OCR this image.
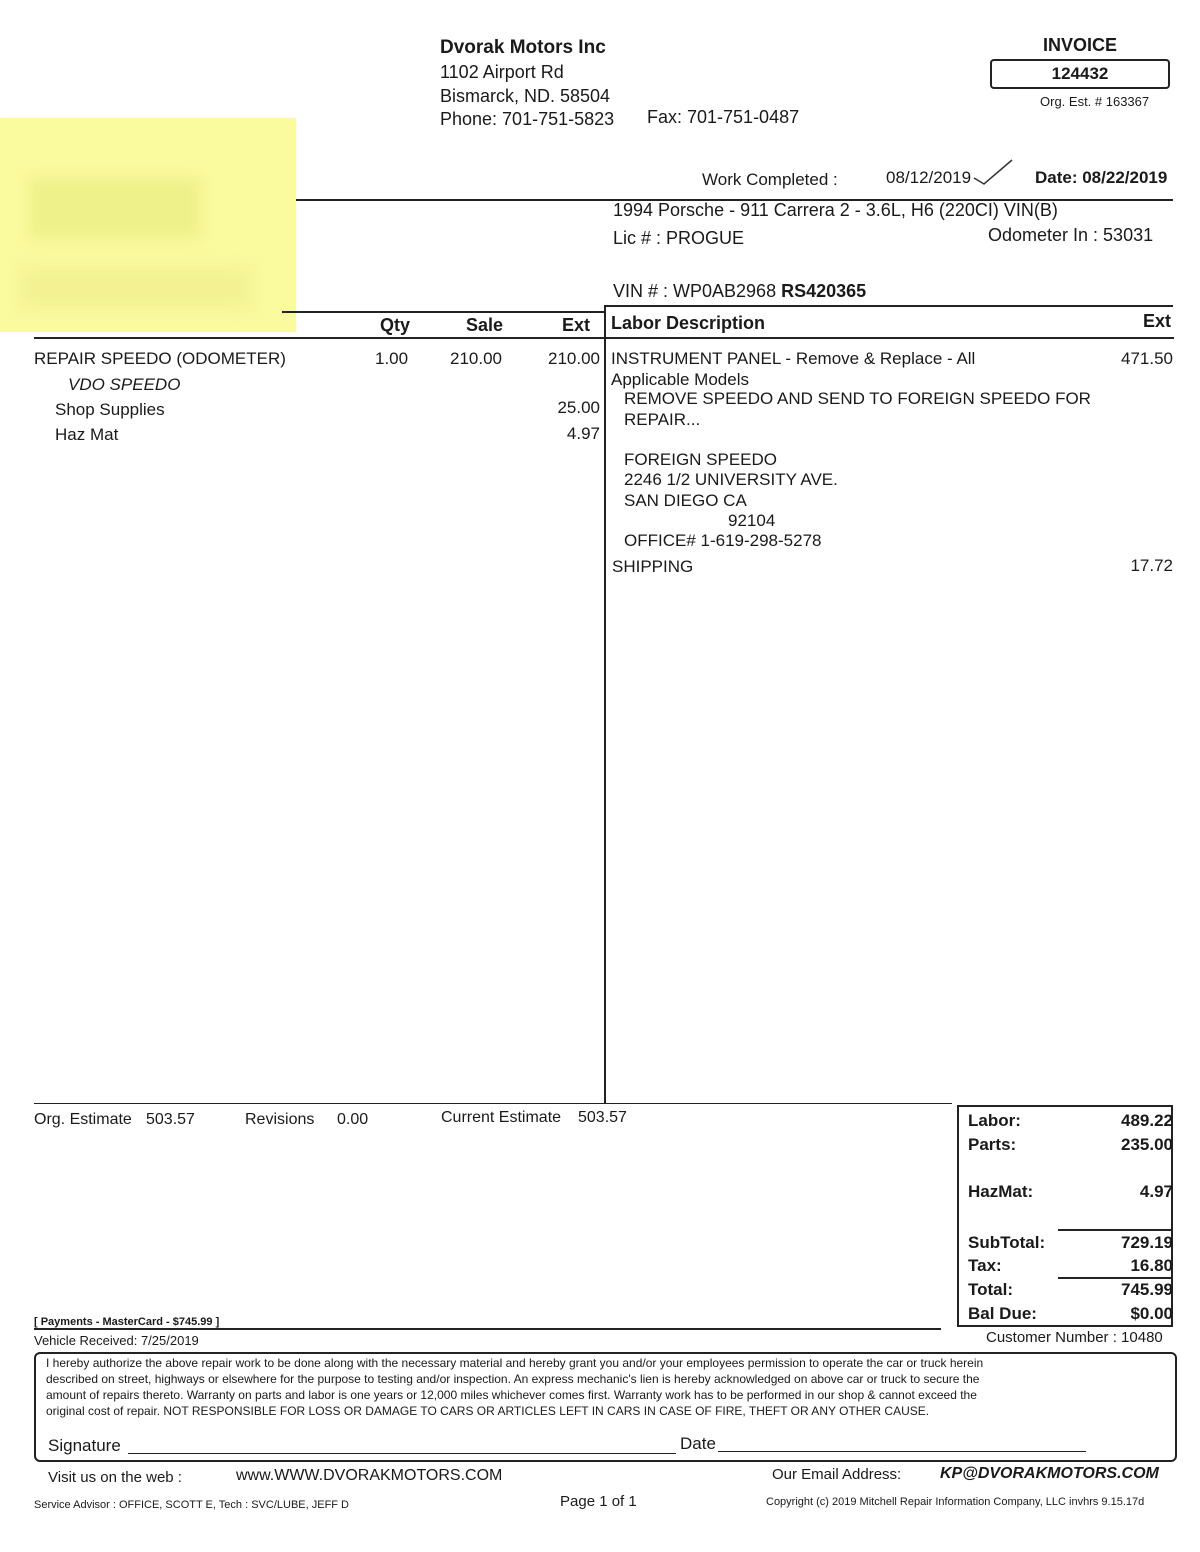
Dvorak Motors Inc
1102 Airport Rd
Bismarck, ND. 58504
Phone: 701-751-5823 Fax: 701-751-0487
INVOICE
124432
Org. Est. # 163367
Work Completed :	08/12/2019	Date: 08/22/2019
1994 Porsche - 911 Carrera 2 - 3.6L, H6 (220CI) VIN(B)
Lic # : PROGUE	Odometer In : 53031
VIN # : WP0AB2968 RS420365
Qty	Sale	Ext Labor Description	Ext
REPAIR SPEEDO (ODOMETER)	1.00 210.00	210.00
VDO SPEEDO
Shop Supplies	25.00
Haz Mat	4.97
INSTRUMENT PANEL - Remove & Replace - All	471.50
Applicable Models
REMOVE SPEEDO AND SEND TO FOREIGN SPEEDO FOR
REPAIR...
FOREIGN SPEEDO
2246 1/2 UNIVERSITY AVE.
SAN DIEGO CA
92104
OFFICE# 1-619-298-5278
SHIPPING	17.72
Org. Estimate 503.57	Revisions 0.00	Current Estimate 503.57	Labor:	489.22
Parts:	235.00
HazMat:	4.97
SubTotal:	729.19
Tax:	16.80
Total:	745.99
Bal Due:	$0.00
[ Payments - MasterCard - $745.99 ]
Vehicle Received: 7/25/2019	Customer Number : 10480
I hereby authorize the above repair work to be done along with the necessary material and hereby grant you and/or your employees permission to operate the car or truck herein
described on street, highways or elsewhere for the purpose to testing and/or inspection. An express mechanic's lien is hereby acknowledged on above car or truck to secure the
amount of repairs thereto. Warranty on parts and labor is one years or 12,000 miles whichever comes first. Warranty work has to be performed in our shop & cannot exceed the
original cost of repair. NOT RESPONSIBLE FOR LOSS OR DAMAGE TO CARS OR ARTICLES LEFT IN CARS IN CASE OF FIRE, THEFT OR ANY OTHER CAUSE.
Signature	Date
Visit us on the web :	www.WWW.DVORAKMOTORS.COM	Our Email Address: KP@DVORAKMOTORS.COM
Service Advisor : OFFICE, SCOTT E, Tech : SVC/LUBE, JEFF D	Page 1 of 1	Copyright (c) 2019 Mitchell Repair Information Company, LLC invhrs 9.15.17d
